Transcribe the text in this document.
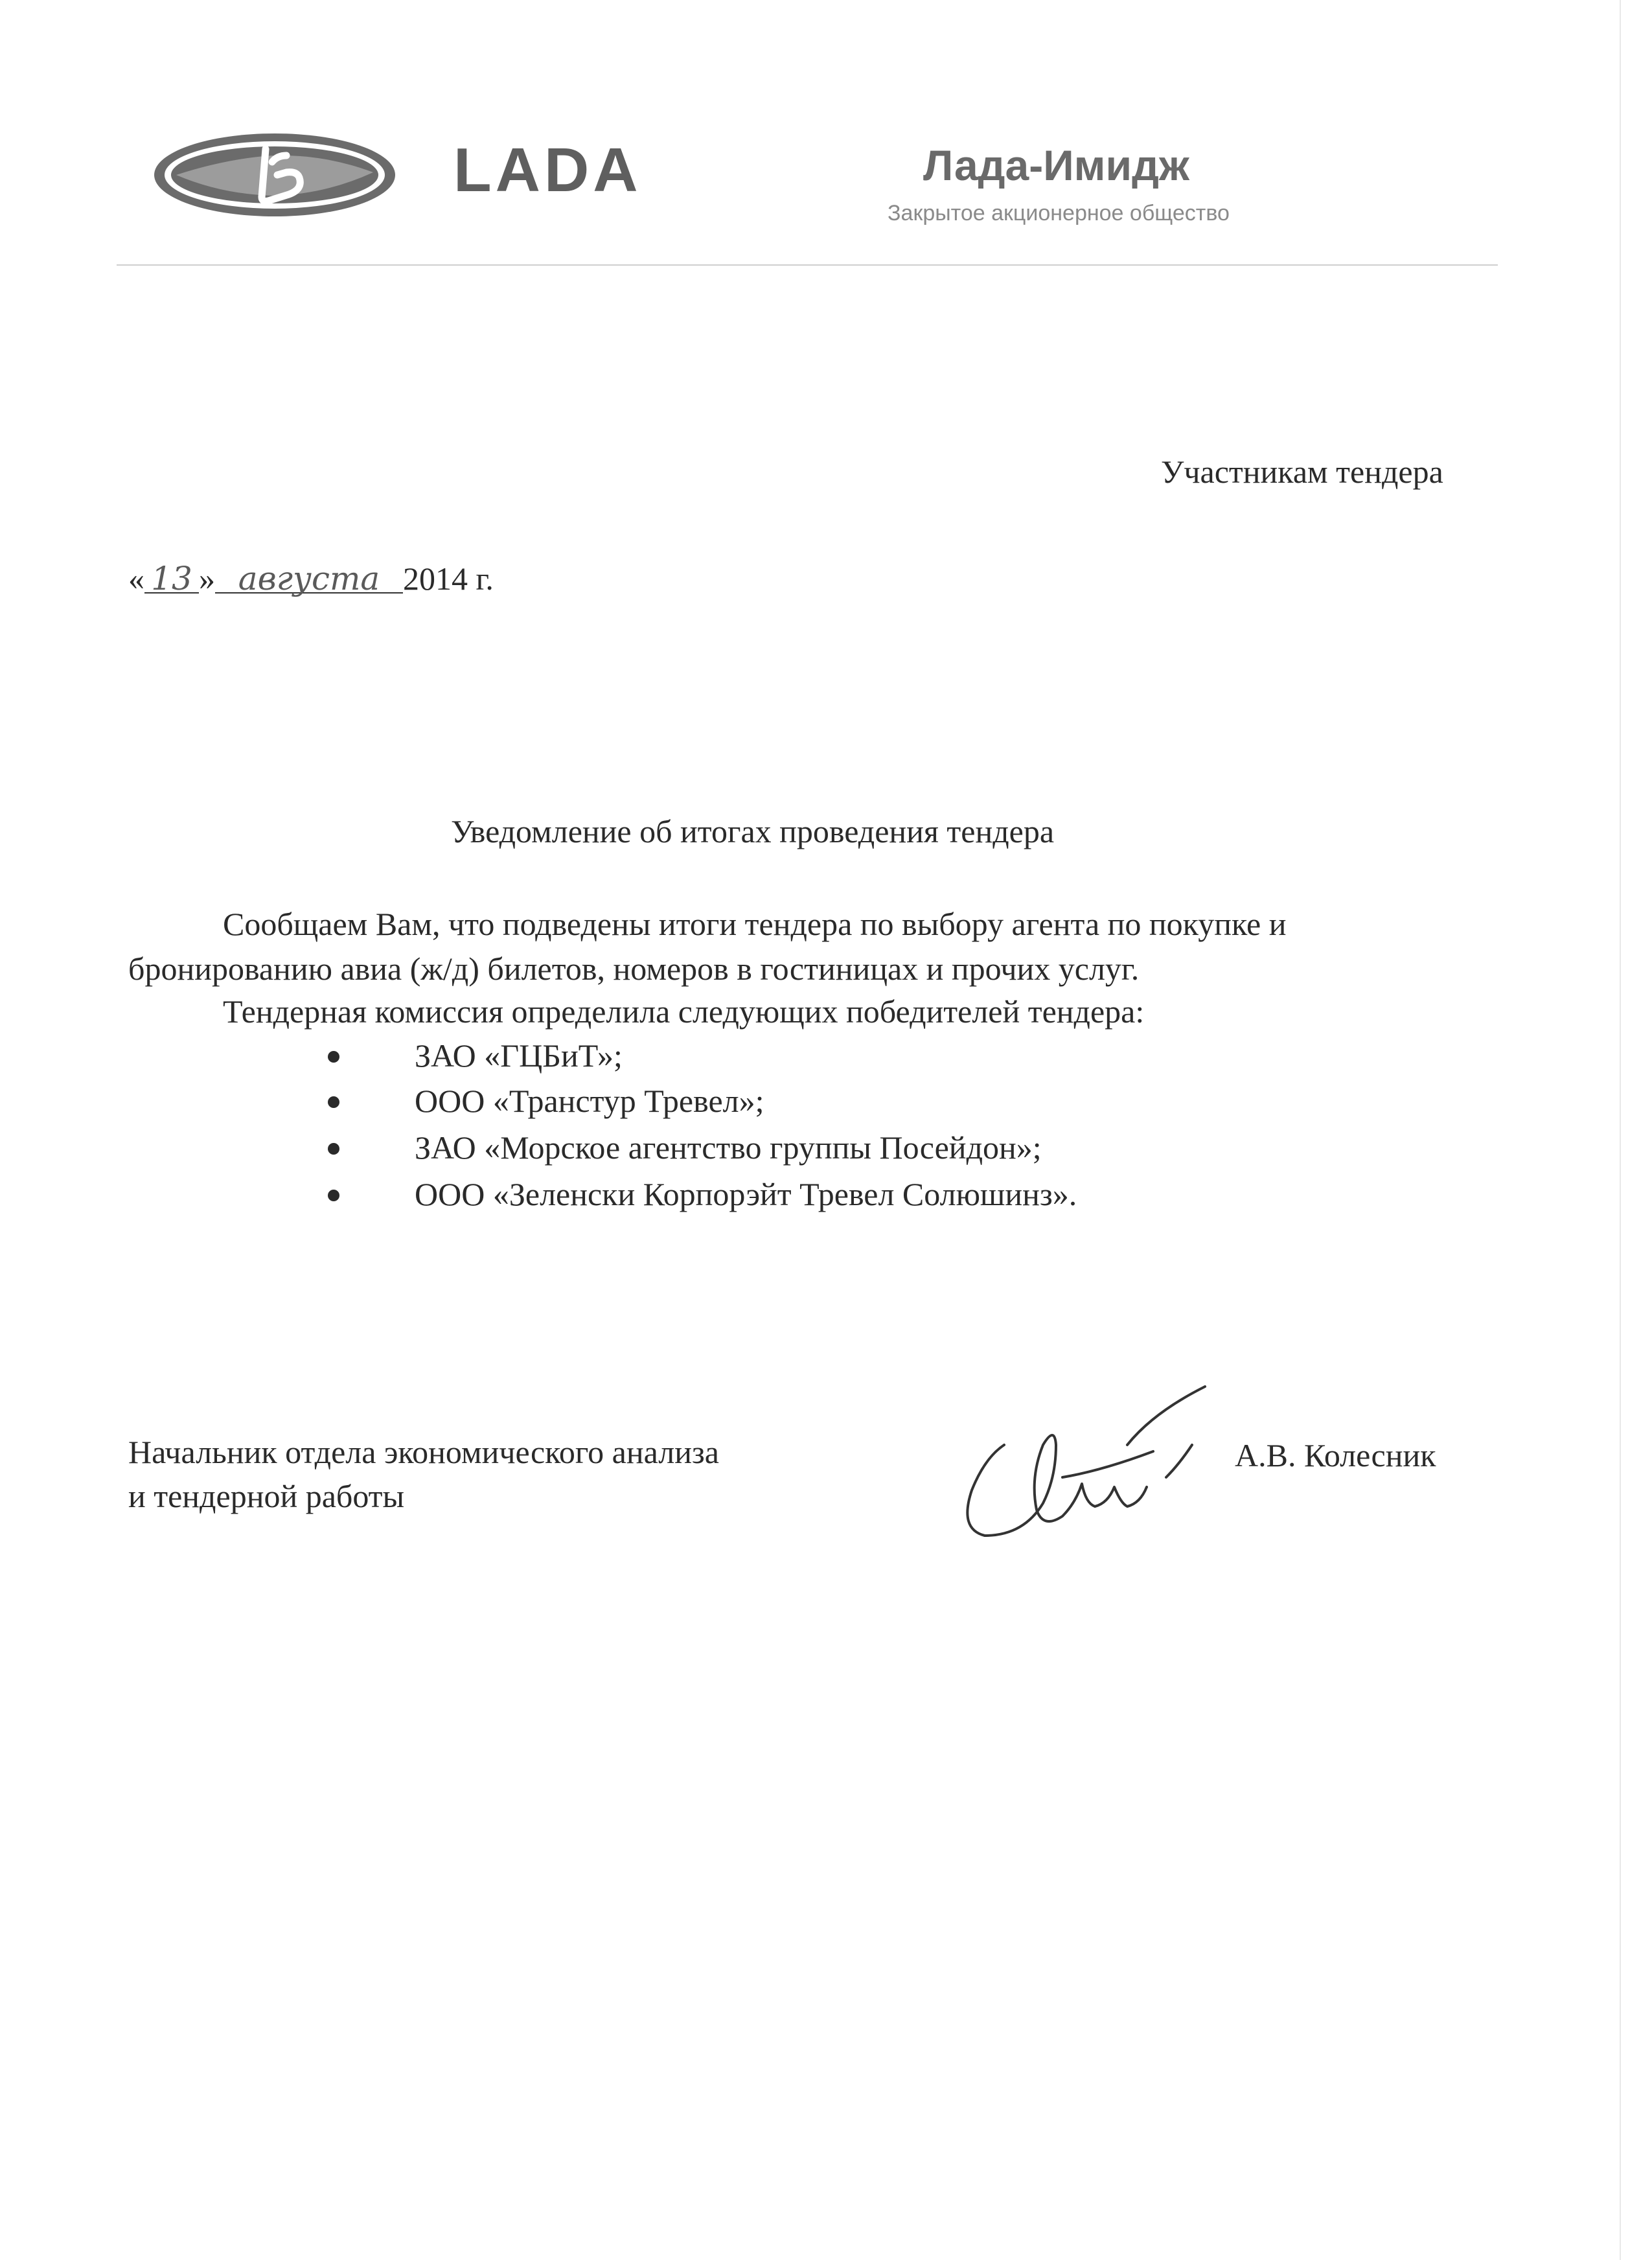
LADA	Лада-Имидж
Закрытое акционерное общество
Участникам тендера
« 13 » августа 2014 г.
Уведомление об итогах проведения тендера
Сообщаем Вам, что подведены итоги тендера по выбору агента по покупке и
бронированию авиа (ж/д) билетов, номеров в гостиницах и прочих услуг.
Тендерная комиссия определила следующих победителей тендера:
ЗАО «ГЦБиТ»;
ООО «Транстур Тревел»;
ЗАО «Морское агентство группы Посейдон»;
ООО «Зеленски Корпорэйт Тревел Солюшинз».
Начальник отдела экономического анализа
и тендерной работы
А.В. Колесник
